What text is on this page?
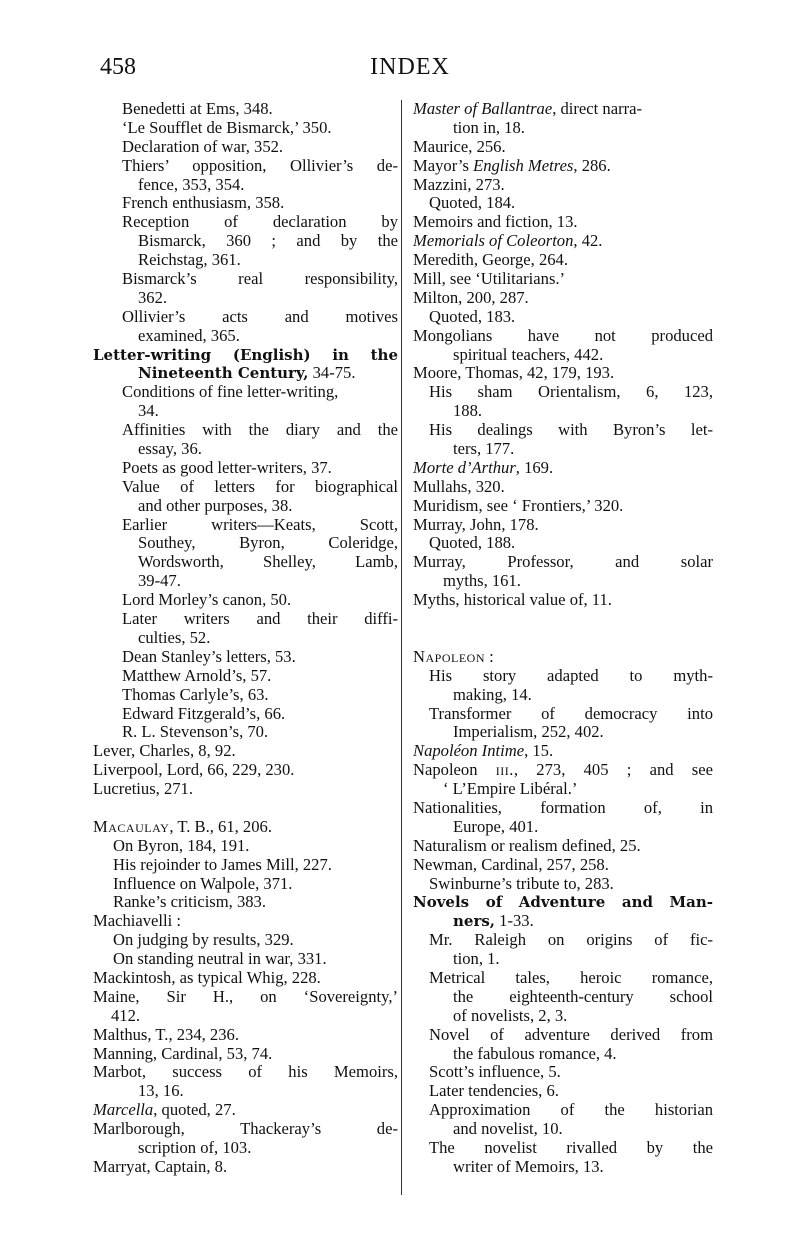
458	INDEX
Benedetti at Ems, 348.
‘Le Soufflet de Bismarck,’ 350.
Declaration of war, 352.
Thiers’ opposition, Ollivier’s de-
fence, 353, 354.
French enthusiasm, 358.
Reception of declaration by
Bismarck, 360 ; and by the
Reichstag, 361.
Bismarck’s real responsibility,
362.
Ollivier’s acts and motives
examined, 365.
Letter-writing (English) in the
Nineteenth Century, 34-75.
Conditions of fine letter-writing,
34.
Affinities with the diary and the
essay, 36.
Poets as good letter-writers, 37.
Value of letters for biographical
and other purposes, 38.
Earlier writers—Keats, Scott,
Southey, Byron, Coleridge,
Wordsworth, Shelley, Lamb,
39-47.
Lord Morley’s canon, 50.
Later writers and their diffi-
culties, 52.
Dean Stanley’s letters, 53.
Matthew Arnold’s, 57.
Thomas Carlyle’s, 63.
Edward Fitzgerald’s, 66.
R. L. Stevenson’s, 70.
Lever, Charles, 8, 92.
Liverpool, Lord, 66, 229, 230.
Lucretius, 271.
Macaulay, T. B., 61, 206.
On Byron, 184, 191.
His rejoinder to James Mill, 227.
Influence on Walpole, 371.
Ranke’s criticism, 383.
Machiavelli :
On judging by results, 329.
On standing neutral in war, 331.
Mackintosh, as typical Whig, 228.
Maine, Sir H., on ‘Sovereignty,’
412.
Malthus, T., 234, 236.
Manning, Cardinal, 53, 74.
Marbot, success of his Memoirs,
13, 16.
Marcella, quoted, 27.
Marlborough, Thackeray’s de-
scription of, 103.
Marryat, Captain, 8.
Master of Ballantrae, direct narra-
tion in, 18.
Maurice, 256.
Mayor’s English Metres, 286.
Mazzini, 273.
Quoted, 184.
Memoirs and fiction, 13.
Memorials of Coleorton, 42.
Meredith, George, 264.
Mill, see ‘Utilitarians.’
Milton, 200, 287.
Quoted, 183.
Mongolians have not produced
spiritual teachers, 442.
Moore, Thomas, 42, 179, 193.
His sham Orientalism, 6, 123,
188.
His dealings with Byron’s let-
ters, 177.
Morte d’Arthur, 169.
Mullahs, 320.
Muridism, see ‘ Frontiers,’ 320.
Murray, John, 178.
Quoted, 188.
Murray, Professor, and solar
myths, 161.
Myths, historical value of, 11.
Napoleon :
His story adapted to myth-
making, 14.
Transformer of democracy into
Imperialism, 252, 402.
Napoléon Intime, 15.
Napoleon iii., 273, 405 ; and see
‘ L’Empire Libéral.’
Nationalities, formation of, in
Europe, 401.
Naturalism or realism defined, 25.
Newman, Cardinal, 257, 258.
Swinburne’s tribute to, 283.
Novels of Adventure and Man-
ners, 1-33.
Mr. Raleigh on origins of fic-
tion, 1.
Metrical tales, heroic romance,
the eighteenth-century school
of novelists, 2, 3.
Novel of adventure derived from
the fabulous romance, 4.
Scott’s influence, 5.
Later tendencies, 6.
Approximation of the historian
and novelist, 10.
The novelist rivalled by the
writer of Memoirs, 13.
